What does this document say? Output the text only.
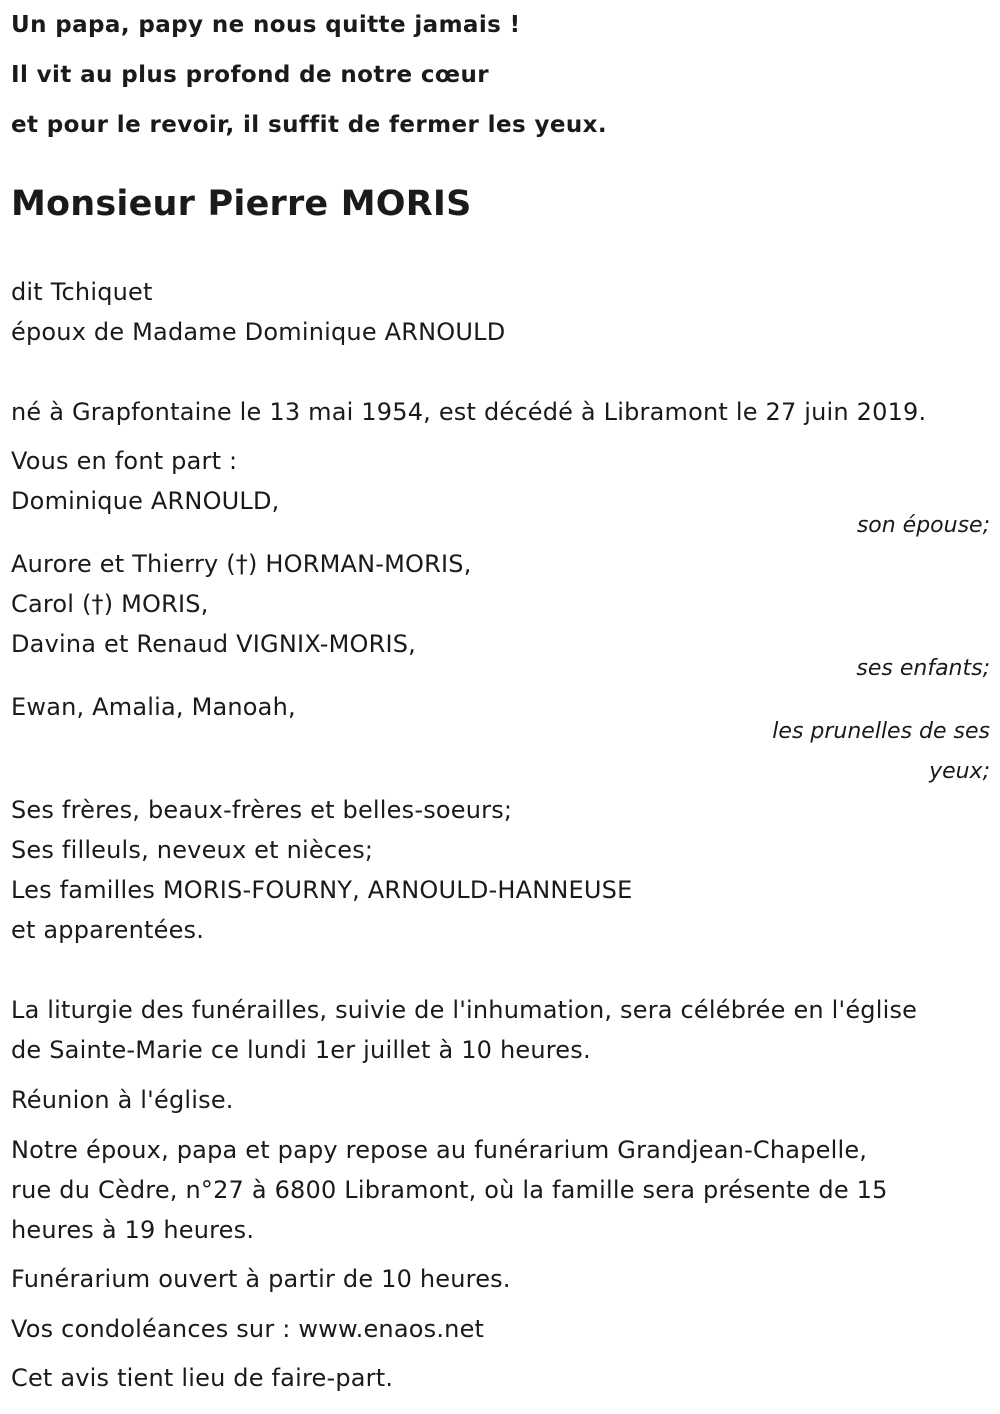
Un papa, papy ne nous quitte jamais !
Il vit au plus profond de notre cœur
et pour le revoir, il suffit de fermer les yeux.
Monsieur Pierre MORIS
dit Tchiquet
époux de Madame Dominique ARNOULD
né à Grapfontaine le 13 mai 1954, est décédé à Libramont le 27 juin 2019.
Vous en font part :
Dominique ARNOULD,
son épouse;
Aurore et Thierry (†) HORMAN-MORIS,
Carol (†) MORIS,
Davina et Renaud VIGNIX-MORIS,
ses enfants;
Ewan, Amalia, Manoah,
les prunelles de ses
yeux;
Ses frères, beaux-frères et belles-soeurs;
Ses filleuls, neveux et nièces;
Les familles MORIS-FOURNY, ARNOULD-HANNEUSE
et apparentées.
La liturgie des funérailles, suivie de l'inhumation, sera célébrée en l'église
de Sainte-Marie ce lundi 1er juillet à 10 heures.
Réunion à l'église.
Notre époux, papa et papy repose au funérarium Grandjean-Chapelle,
rue du Cèdre, n°27 à 6800 Libramont, où la famille sera présente de 15
heures à 19 heures.
Funérarium ouvert à partir de 10 heures.
Vos condoléances sur : www.enaos.net
Cet avis tient lieu de faire-part.
